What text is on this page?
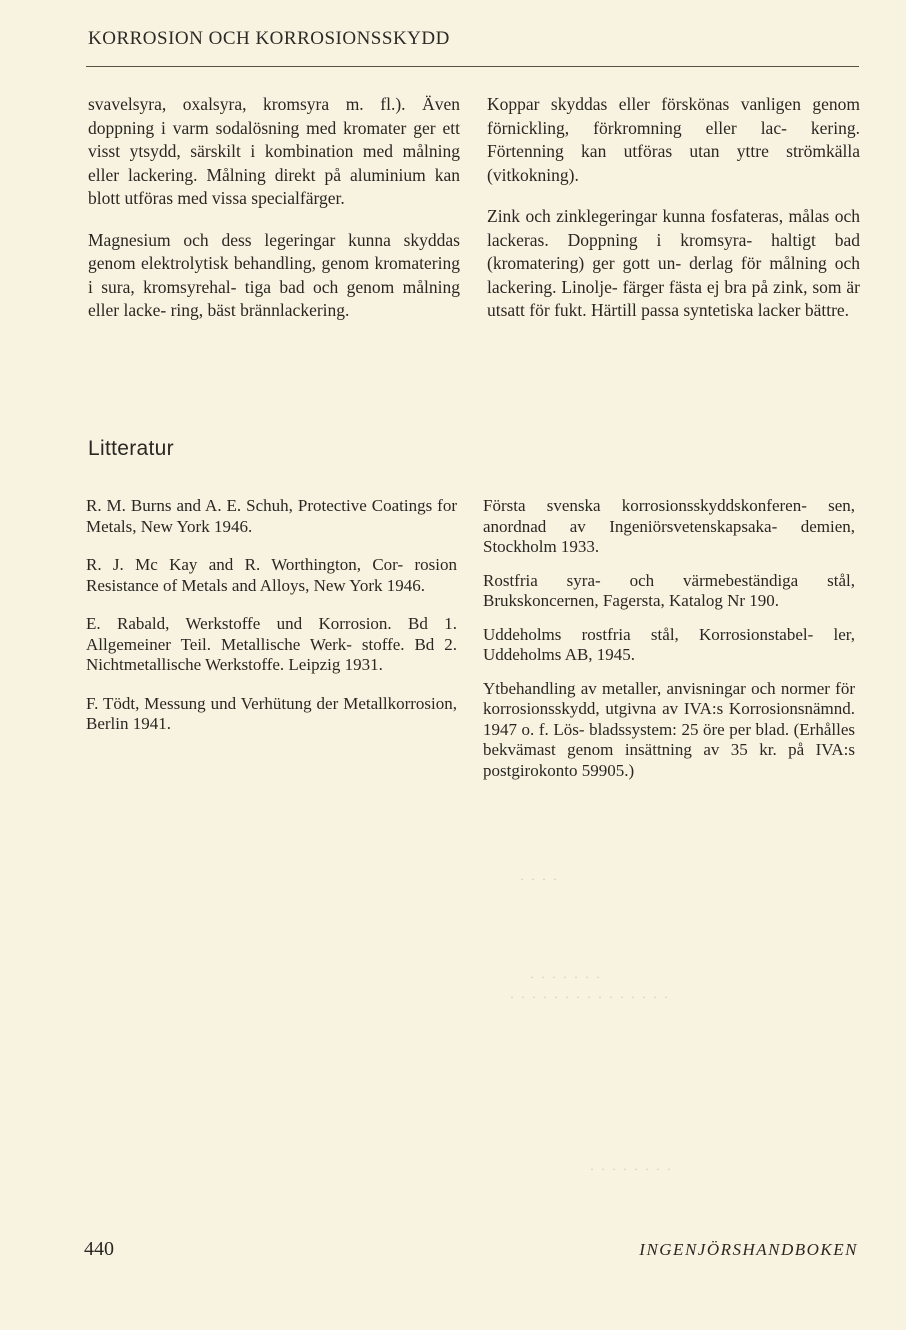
KORROSION OCH KORROSIONSSKYDD

svavelsyra, oxalsyra, kromsyra m. fl.). Även doppning i varm sodalösning med kromater ger ett visst ytsydd, särskilt i kombination med målning eller lackering. Målning direkt på aluminium kan blott utföras med vissa specialfärger.

Magnesium och dess legeringar kunna skyddas genom elektrolytisk behandling, genom kromatering i sura, kromsyrehal- tiga bad och genom målning eller lacke- ring, bäst brännlackering.

Koppar skyddas eller förskönas vanligen genom förnickling, förkromning eller lac- kering. Förtenning kan utföras utan yttre strömkälla (vitkokning).

Zink och zinklegeringar kunna fosfateras, målas och lackeras. Doppning i kromsyra- haltigt bad (kromatering) ger gott un- derlag för målning och lackering. Linolje- färger fästa ej bra på zink, som är utsatt för fukt. Härtill passa syntetiska lacker bättre.

Litteratur

R. M. Burns and A. E. Schuh, Protective Coatings for Metals, New York 1946.

R. J. Mc Kay and R. Worthington, Cor- rosion Resistance of Metals and Alloys, New York 1946.

E. Rabald, Werkstoffe und Korrosion. Bd 1. Allgemeiner Teil. Metallische Werk- stoffe. Bd 2. Nichtmetallische Werkstoffe. Leipzig 1931.

F. Tödt, Messung und Verhütung der Metallkorrosion, Berlin 1941.

Första svenska korrosionsskyddskonferen- sen, anordnad av Ingeniörsvetenskapsaka- demien, Stockholm 1933.

Rostfria syra- och värmebeständiga stål, Brukskoncernen, Fagersta, Katalog Nr 190.

Uddeholms rostfria stål, Korrosionstabel- ler, Uddeholms AB, 1945.

Ytbehandling av metaller, anvisningar och normer för korrosionsskydd, utgivna av IVA:s Korrosionsnämnd. 1947 o. f. Lös- bladssystem: 25 öre per blad. (Erhålles bekvämast genom insättning av 35 kr. på IVA:s postgirokonto 59905.)

· · · ·
· · · · · · ·
· · · · · · · · · · · · · · ·
· · · · · · · ·
440	INGENJÖRSHANDBOKEN
